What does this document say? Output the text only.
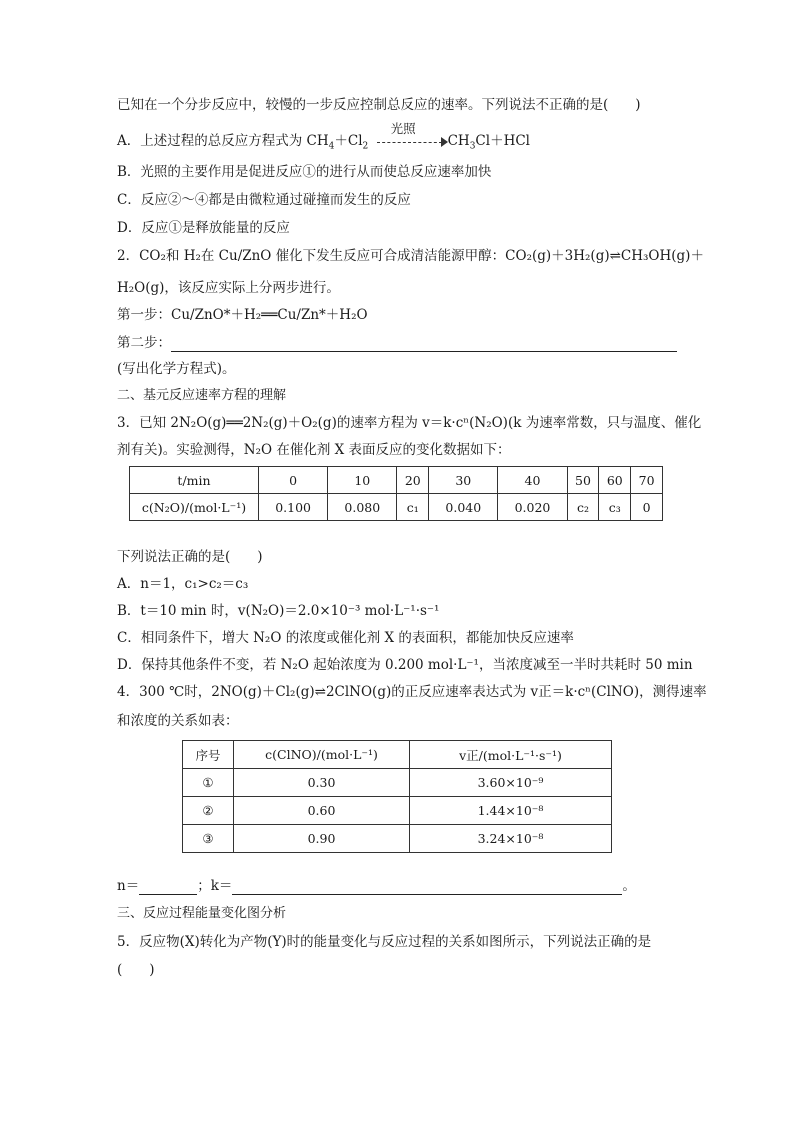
已知在一个分步反应中，较慢的一步反应控制总反应的速率。下列说法不正确的是(　　)
A．上述过程的总反应方程式为 $CH_4+Cl_2$
光照
$CH_3Cl+HCl$
B．光照的主要作用是促进反应①的进行从而使总反应速率加快
C．反应②～④都是由微粒通过碰撞而发生的反应
D．反应①是释放能量的反应
2．CO₂和 H₂在 Cu/ZnO 催化下发生反应可合成清洁能源甲醇：CO₂(g)＋3H₂(g)⇌CH₃OH(g)＋
H₂O(g)，该反应实际上分两步进行。
第一步：Cu/ZnO*＋H₂══Cu/Zn*＋H₂O
第二步：
(写出化学方程式)。
二、基元反应速率方程的理解
3．已知 2N₂O(g)══2N₂(g)＋O₂(g)的速率方程为 v＝k·cⁿ(N₂O)(k 为速率常数，只与温度、催化
剂有关)。实验测得，N₂O 在催化剂 X 表面反应的变化数据如下：
t/min	0	10	20	30	40	50	60	70
c(N₂O)/(mol·L⁻¹)	0.100	0.080	c₁	0.040	0.020	c₂	c₃	0
下列说法正确的是(　　)
A．n＝1，c₁>c₂＝c₃
B．t＝10 min 时，v(N₂O)＝2.0×10⁻³ mol·L⁻¹·s⁻¹
C．相同条件下，增大 N₂O 的浓度或催化剂 X 的表面积，都能加快反应速率
D．保持其他条件不变，若 N₂O 起始浓度为 0.200 mol·L⁻¹，当浓度减至一半时共耗时 50 min
4．300 ℃时，2NO(g)＋Cl₂(g)⇌2ClNO(g)的正反应速率表达式为 v正＝k·cⁿ(ClNO)，测得速率
和浓度的关系如表：
序号	c(ClNO)/(mol·L⁻¹)	v正/(mol·L⁻¹·s⁻¹)
①	0.30	3.60×10⁻⁹
②	0.60	1.44×10⁻⁸
③	0.90	3.24×10⁻⁸
n＝	；k＝	。
三、反应过程能量变化图分析
5．反应物(X)转化为产物(Y)时的能量变化与反应过程的关系如图所示，下列说法正确的是
(　　)
